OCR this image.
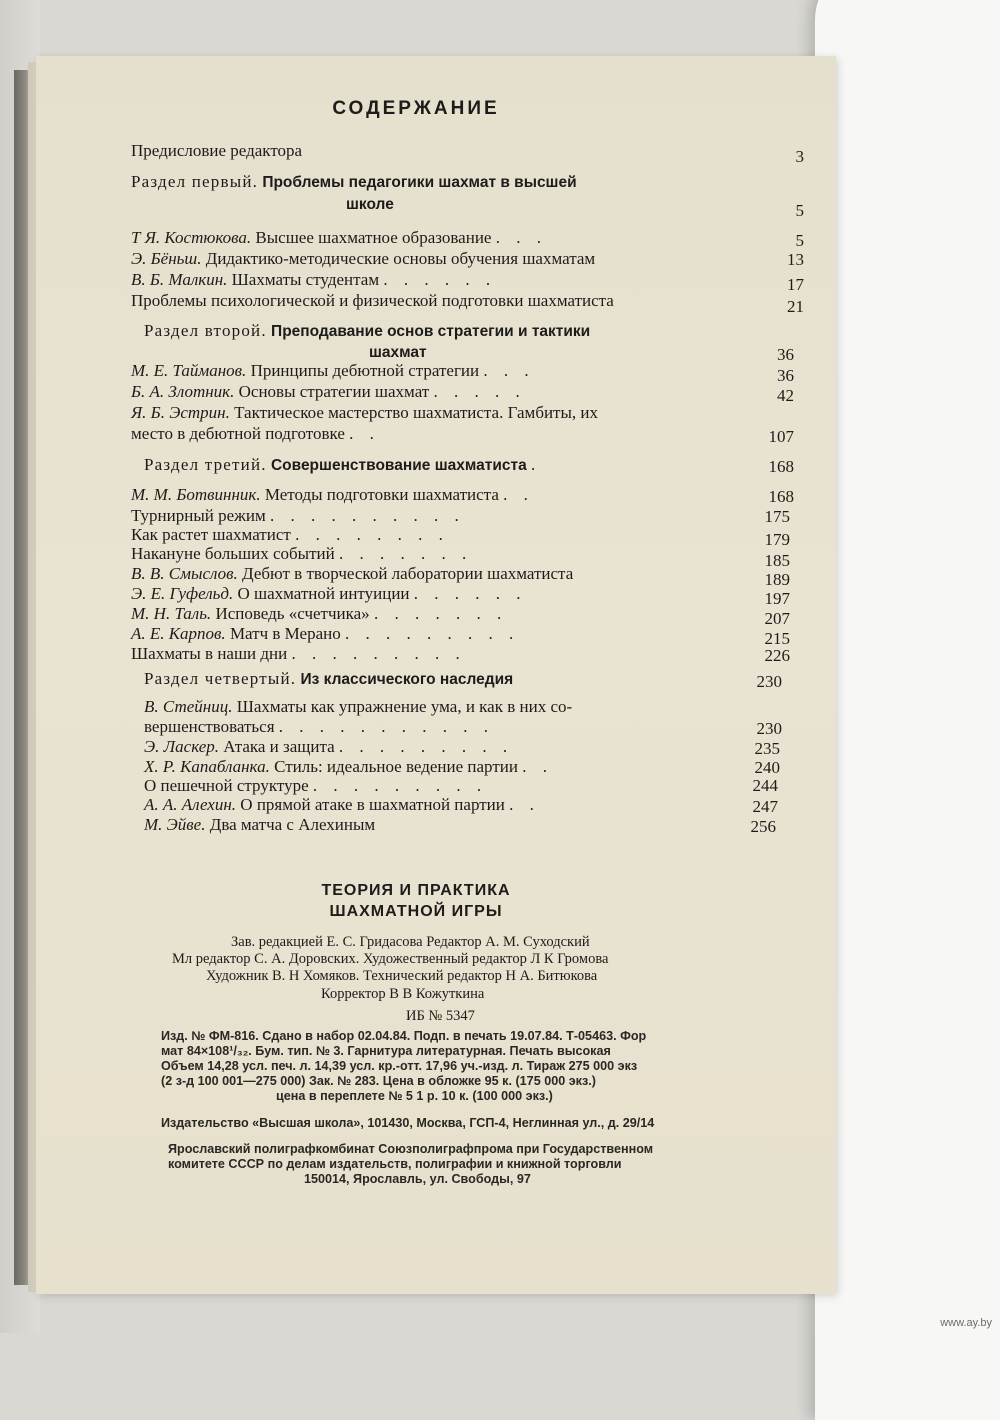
СОДЕРЖАНИЕ
Предисловие редактора	3
Раздел первый. Проблемы педагогики шахмат в высшей
школе	5
Т Я. Костюкова. Высшее шахматное образование . . .	5
Э. Бёньш. Дидактико-методические основы обучения шахматам	13
В. Б. Малкин. Шахматы студентам . . . . . .	17
Проблемы психологической и физической подготовки шахматиста	21
Раздел второй. Преподавание основ стратегии и тактики
шахмат	36
М. Е. Тайманов. Принципы дебютной стратегии . . .	36
Б. А. Злотник. Основы стратегии шахмат . . . . .	42
Я. Б. Эстрин. Тактическое мастерство шахматиста. Гамбиты, их
место в дебютной подготовке . .	107
Раздел третий. Совершенствование шахматиста .	168
М. М. Ботвинник. Методы подготовки шахматиста . .	168
Турнирный режим . . . . . . . . . .	175
Как растет шахматист . . . . . . . .	179
Накануне больших событий . . . . . . .	185
В. В. Смыслов. Дебют в творческой лаборатории шахматиста	189
Э. Е. Гуфельд. О шахматной интуиции . . . . . .	197
М. Н. Таль. Исповедь «счетчика» . . . . . . .	207
А. Е. Карпов. Матч в Мерано . . . . . . . . .	215
Шахматы в наши дни . . . . . . . . .	226
Раздел четвертый. Из классического наследия	230
В. Стейниц. Шахматы как упражнение ума, и как в них со-
вершенствоваться . . . . . . . . . . .	230
Э. Ласкер. Атака и защита . . . . . . . . .	235
Х. Р. Капабланка. Стиль: идеальное ведение партии . .	240
О пешечной структуре . . . . . . . . .	244
А. А. Алехин. О прямой атаке в шахматной партии . .	247
М. Эйве. Два матча с Алехиным	256
ТЕОРИЯ И ПРАКТИКА
ШАХМАТНОЙ ИГРЫ
Зав. редакцией Е. С. Гридасова Редактор А. М. Суходский
Мл редактор С. А. Доровских. Художественный редактор Л К Громова
Художник В. Н Хомяков. Технический редактор Н А. Битюкова
Корректор В В Кожуткина
ИБ № 5347
Изд. № ФМ-816. Сдано в набор 02.04.84. Подп. в печать 19.07.84. Т-05463. Фор
мат 84×108¹/₃₂. Бум. тип. № 3. Гарнитура литературная. Печать высокая
Объем 14,28 усл. печ. л. 14,39 усл. кр.-отт. 17,96 уч.-изд. л. Тираж 275 000 экз
(2 з-д 100 001—275 000) Зак. № 283. Цена в обложке 95 к. (175 000 экз.)
цена в переплете № 5 1 р. 10 к. (100 000 экз.)
Издательство «Высшая школа», 101430, Москва, ГСП-4, Неглинная ул., д. 29/14
Ярославский полиграфкомбинат Союзполиграфпрома при Государственном
комитете СССР по делам издательств, полиграфии и книжной торговли
150014, Ярославль, ул. Свободы, 97
www.ay.by
